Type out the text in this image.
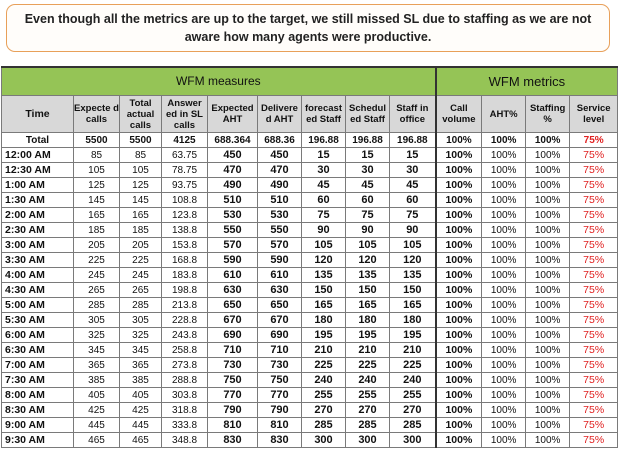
Even though all the metrics are up to the target, we still missed SL due to staffing as we are not aware how many agents were productive.
WFM measures									WFM metrics			
Time	Expecte d calls	Total actual calls	Answer ed in SL calls	Expected AHT	Delivere d AHT	forecast ed Staff	Schedul ed Staff	Staff in office	Call volume	AHT%	Staffing %	Service level
Total	5500	5500	4125	688.364	688.36	196.88	196.88	196.88	100%	100%	100%	75%
12:00 AM	85	85	63.75	450	450	15	15	15	100%	100%	100%	75%
12:30 AM	105	105	78.75	470	470	30	30	30	100%	100%	100%	75%
1:00 AM	125	125	93.75	490	490	45	45	45	100%	100%	100%	75%
1:30 AM	145	145	108.8	510	510	60	60	60	100%	100%	100%	75%
2:00 AM	165	165	123.8	530	530	75	75	75	100%	100%	100%	75%
2:30 AM	185	185	138.8	550	550	90	90	90	100%	100%	100%	75%
3:00 AM	205	205	153.8	570	570	105	105	105	100%	100%	100%	75%
3:30 AM	225	225	168.8	590	590	120	120	120	100%	100%	100%	75%
4:00 AM	245	245	183.8	610	610	135	135	135	100%	100%	100%	75%
4:30 AM	265	265	198.8	630	630	150	150	150	100%	100%	100%	75%
5:00 AM	285	285	213.8	650	650	165	165	165	100%	100%	100%	75%
5:30 AM	305	305	228.8	670	670	180	180	180	100%	100%	100%	75%
6:00 AM	325	325	243.8	690	690	195	195	195	100%	100%	100%	75%
6:30 AM	345	345	258.8	710	710	210	210	210	100%	100%	100%	75%
7:00 AM	365	365	273.8	730	730	225	225	225	100%	100%	100%	75%
7:30 AM	385	385	288.8	750	750	240	240	240	100%	100%	100%	75%
8:00 AM	405	405	303.8	770	770	255	255	255	100%	100%	100%	75%
8:30 AM	425	425	318.8	790	790	270	270	270	100%	100%	100%	75%
9:00 AM	445	445	333.8	810	810	285	285	285	100%	100%	100%	75%
9:30 AM	465	465	348.8	830	830	300	300	300	100%	100%	100%	75%
